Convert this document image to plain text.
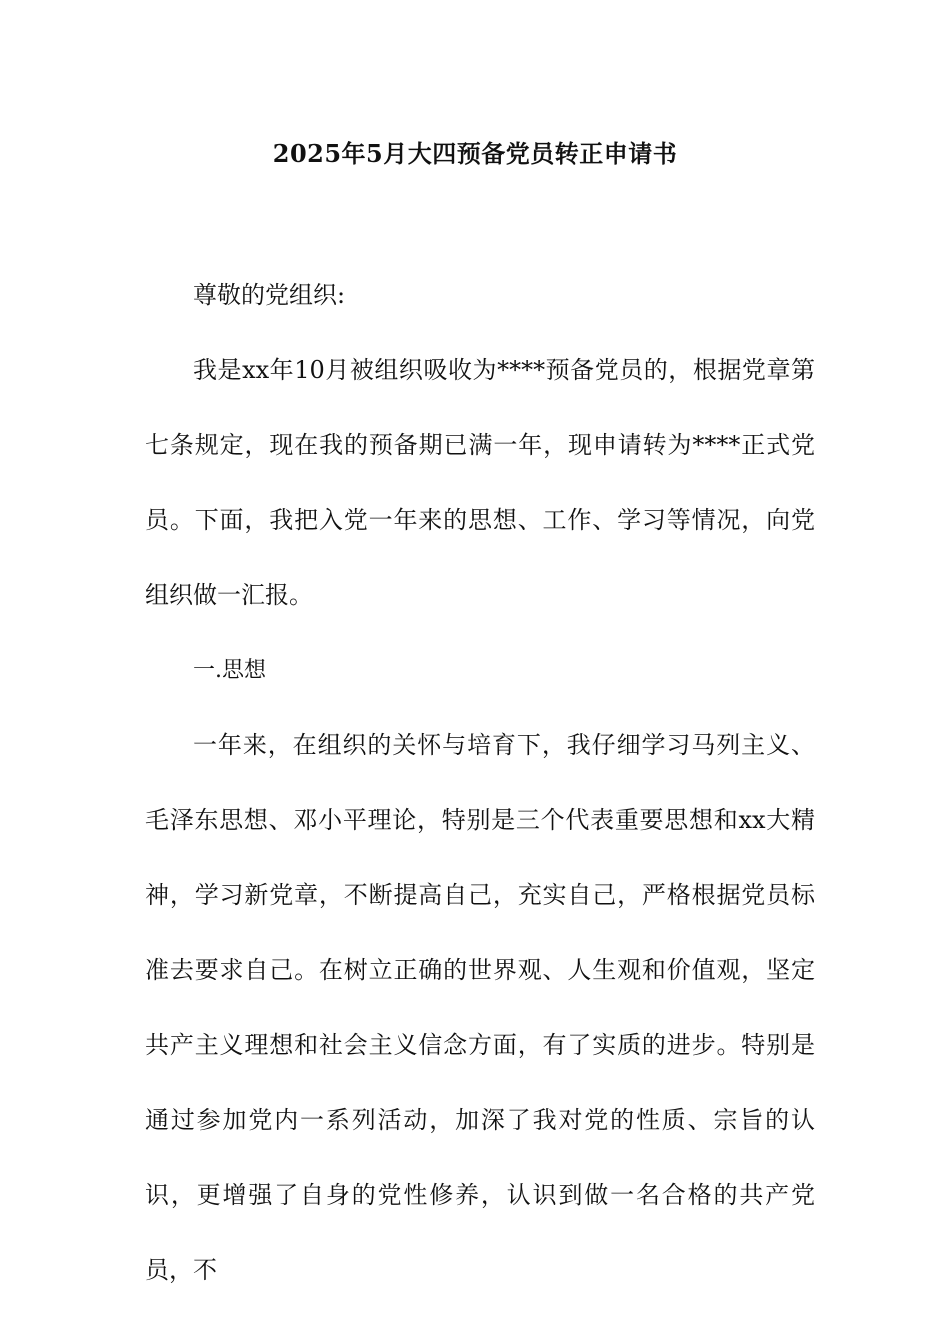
2025年5月大四预备党员转正申请书

尊敬的党组织:

我是xx年10月被组织吸收为****预备党员的，根据党章第七条规定，现在我的预备期已满一年，现申请转为****正式党员。下面，我把入党一年来的思想、工作、学习等情况，向党组织做一汇报。

一.思想

一年来，在组织的关怀与培育下，我仔细学习马列主义、毛泽东思想、邓小平理论，特别是三个代表重要思想和xx大精神，学习新党章，不断提高自己，充实自己，严格根据党员标准去要求自己。在树立正确的世界观、人生观和价值观，坚定共产主义理想和社会主义信念方面，有了实质的进步。特别是通过参加党内一系列活动，加深了我对党的性质、宗旨的认识，更增强了自身的党性修养，认识到做一名合格的共产党员，不
